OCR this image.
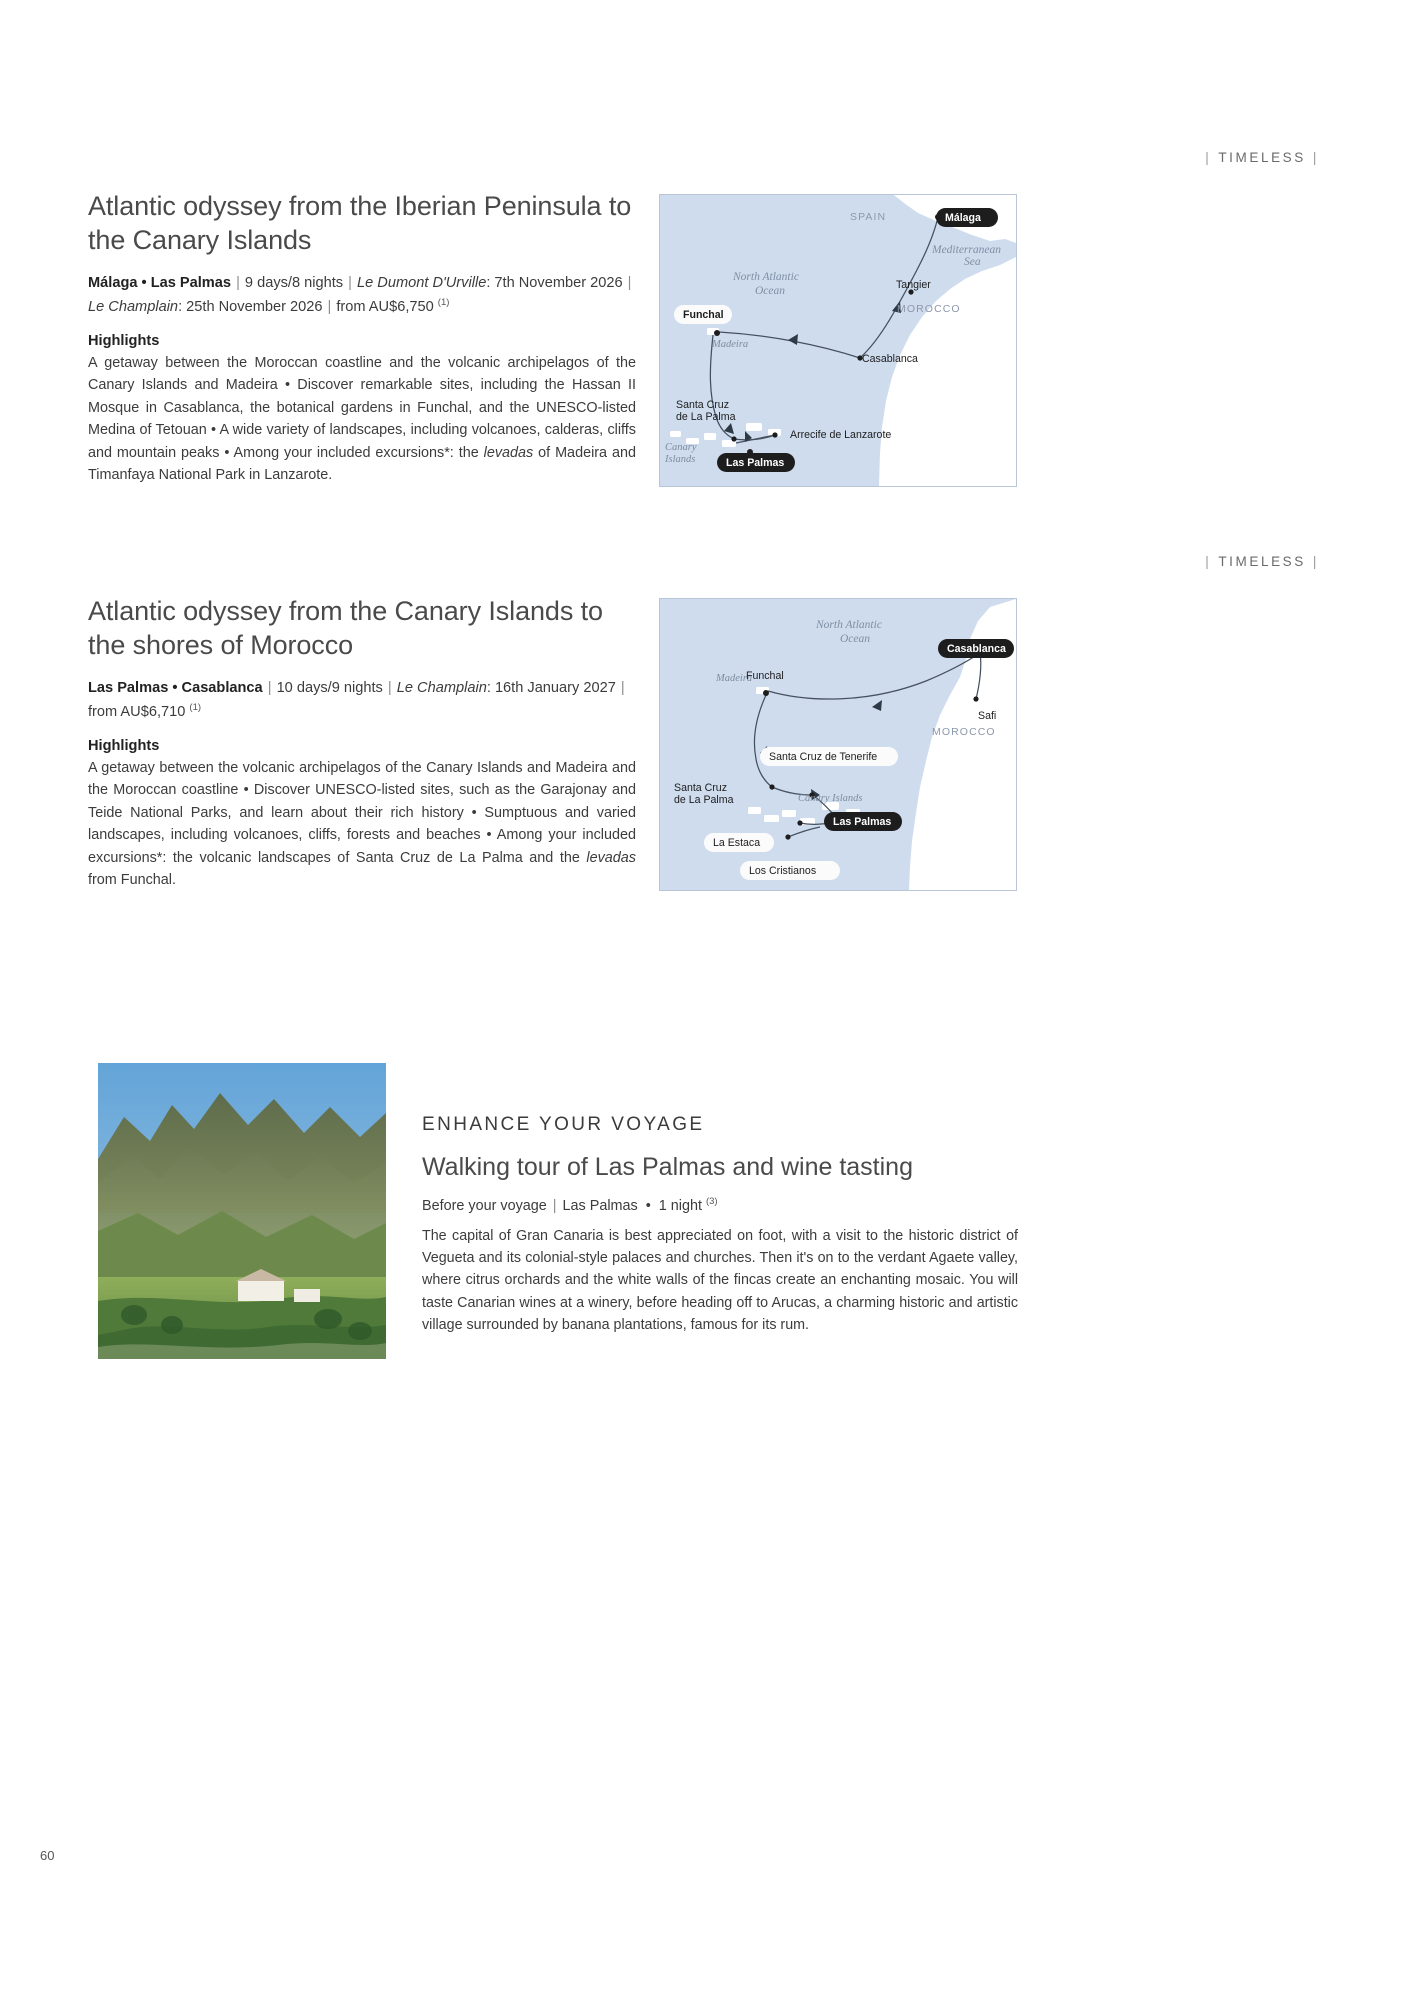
| TIMELESS |
Atlantic odyssey from the Iberian Peninsula to the Canary Islands

Málaga • Las Palmas | 9 days/8 nights | Le Dumont D'Urville: 7th November 2026 | Le Champlain: 25th November 2026 | from AU$6,750 $^{(1)}$

Highlights

A getaway between the Moroccan coastline and the volcanic archipelagos of the Canary Islands and Madeira • Discover remarkable sites, including the Hassan II Mosque in Casablanca, the botanical gardens in Funchal, and the UNESCO-listed Medina of Tetouan • A wide variety of landscapes, including volcanoes, calderas, cliffs and mountain peaks • Among your included excursions*: the levadas of Madeira and Timanfaya National Park in Lanzarote.

North Atlantic
Ocean
SPAIN
MOROCCO
Mediterranean
Sea
Madeira
Canary
Islands
Málaga
Funchal
Tangier
Casablanca
Arrecife de Lanzarote
Santa Cruz
de La Palma
Las Palmas
| TIMELESS |
Atlantic odyssey from the Canary Islands to the shores of Morocco

Las Palmas • Casablanca | 10 days/9 nights | Le Champlain: 16th January 2027 | from AU$6,710 $^{(1)}$

Highlights

A getaway between the volcanic archipelagos of the Canary Islands and Madeira and the Moroccan coastline • Discover UNESCO-listed sites, such as the Garajonay and Teide National Parks, and learn about their rich history • Sumptuous and varied landscapes, including volcanoes, cliffs, forests and beaches • Among your included excursions*: the volcanic landscapes of Santa Cruz de La Palma and the levadas from Funchal.

North Atlantic
Ocean
MOROCCO
Madeira
Canary Islands
Casablanca
Safi
Funchal
Santa Cruz de Tenerife
Santa Cruz
de La Palma
Las Palmas
La Estaca
Los Cristianos

ENHANCE YOUR VOYAGE

Walking tour of Las Palmas and wine tasting

Before your voyage | Las Palmas  •  1 night $^{(3)}$

The capital of Gran Canaria is best appreciated on foot, with a visit to the historic district of Vegueta and its colonial-style palaces and churches. Then it's on to the verdant Agaete valley, where citrus orchards and the white walls of the fincas create an enchanting mosaic. You will taste Canarian wines at a winery, before heading off to Arucas, a charming historic and artistic village surrounded by banana plantations, famous for its rum.

60
